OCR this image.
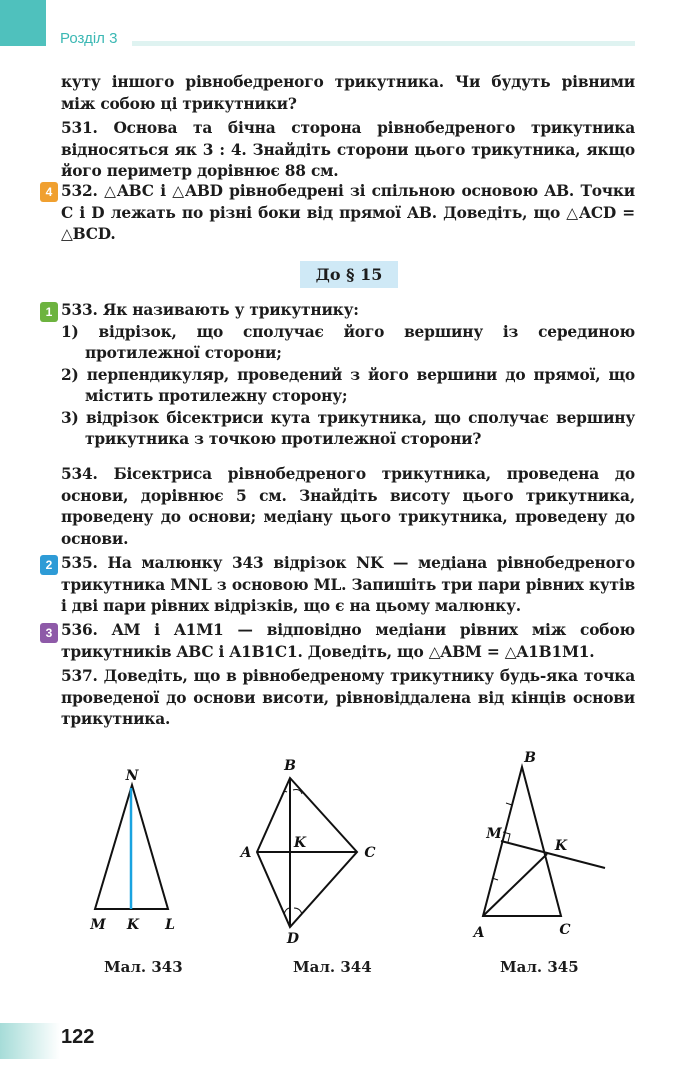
Розділ 3

куту іншого рівнобедреного трикутника. Чи будуть рівними між собою ці трикутники?

531. Основа та бічна сторона рівнобедреного трикутника відносяться як 3 : 4. Знайдіть сторони цього трикутника, якщо його периметр дорівнює 88 см.

4 532. △ABC і △ABD рівнобедрені зі спільною основою AB. Точки C і D лежать по різні боки від прямої AB. Доведіть, що △ACD = △BCD.

До § 15
1 533. Як називають у трикутнику:

1) відрізок, що сполучає його вершину із серединою протилежної сторони;

2) перпендикуляр, проведений з його вершини до прямої, що містить протилежну сторону;

3) відрізок бісектриси кута трикутника, що сполучає вершину трикутника з точкою протилежної сторони?

534. Бісектриса рівнобедреного трикутника, проведена до основи, дорівнює 5 см. Знайдіть висоту цього трикутника, проведену до основи; медіану цього трикутника, проведену до основи.

2 535. На малюнку 343 відрізок NK — медіана рівнобедреного трикутника MNL з основою ML. Запишіть три пари рівних кутів і дві пари рівних відрізків, що є на цьому малюнку.

3 536. AM і A1M1 — відповідно медіани рівних між собою трикутників ABC і A1B1C1. Доведіть, що △ABM = △A1B1M1.

537. Доведіть, що в рівнобедреному трикутнику будь-яка точка проведеної до основи висоти, рівновіддалена від кінців основи трикутника.

N
M K L
B
A
K
C
D
B
M
K
A	C
Мал. 343	Мал. 344	Мал. 345
122
